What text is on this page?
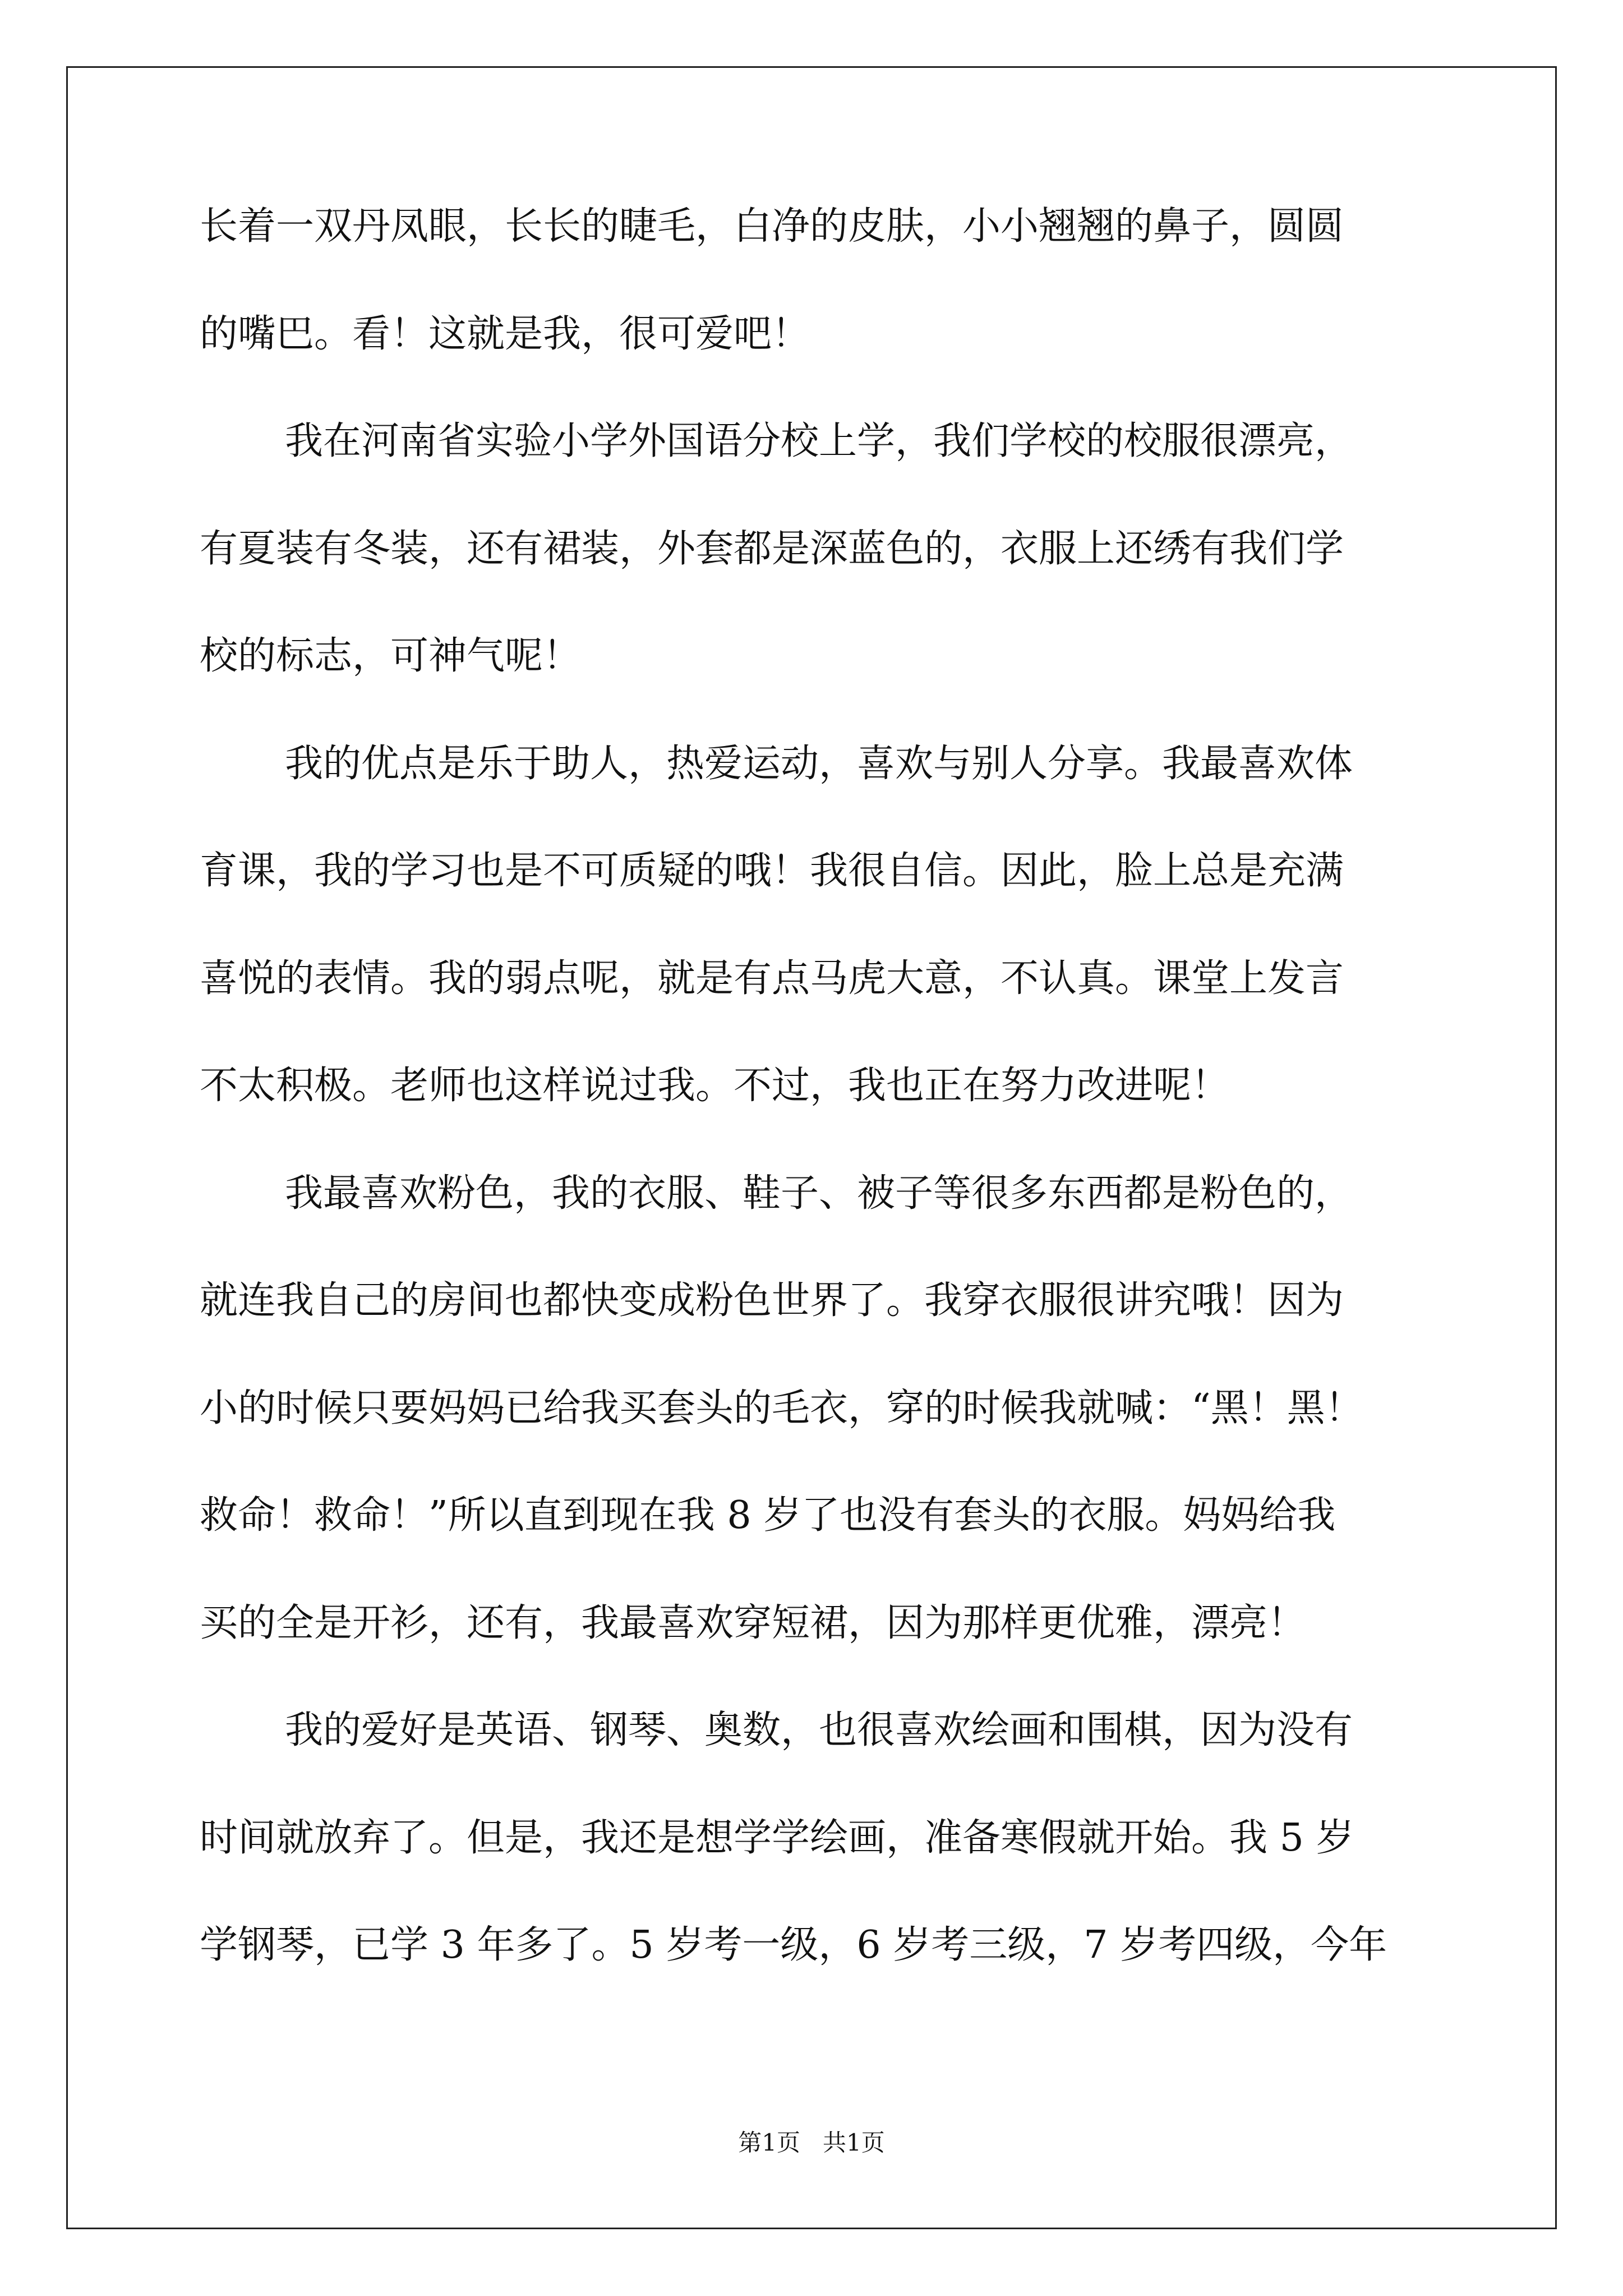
长着一双丹凤眼，长长的睫毛，白净的皮肤，小小翘翘的鼻子，圆圆
的嘴巴。看！这就是我，很可爱吧！
我在河南省实验小学外国语分校上学，我们学校的校服很漂亮，
有夏装有冬装，还有裙装，外套都是深蓝色的，衣服上还绣有我们学
校的标志，可神气呢！
我的优点是乐于助人，热爱运动，喜欢与别人分享。我最喜欢体
育课，我的学习也是不可质疑的哦！我很自信。因此，脸上总是充满
喜悦的表情。我的弱点呢，就是有点马虎大意，不认真。课堂上发言
不太积极。老师也这样说过我。不过，我也正在努力改进呢！
我最喜欢粉色，我的衣服、鞋子、被子等很多东西都是粉色的，
就连我自己的房间也都快变成粉色世界了。我穿衣服很讲究哦！因为
小的时候只要妈妈已给我买套头的毛衣，穿的时候我就喊：“黑！黑！
救命！救命！”所以直到现在我 8 岁了也没有套头的衣服。妈妈给我
买的全是开衫，还有，我最喜欢穿短裙，因为那样更优雅，漂亮！
我的爱好是英语、钢琴、奥数，也很喜欢绘画和围棋，因为没有
时间就放弃了。但是，我还是想学学绘画，准备寒假就开始。我 5 岁
学钢琴，已学 3 年多了。5 岁考一级，6 岁考三级，7 岁考四级，今年
第1页   共1页
